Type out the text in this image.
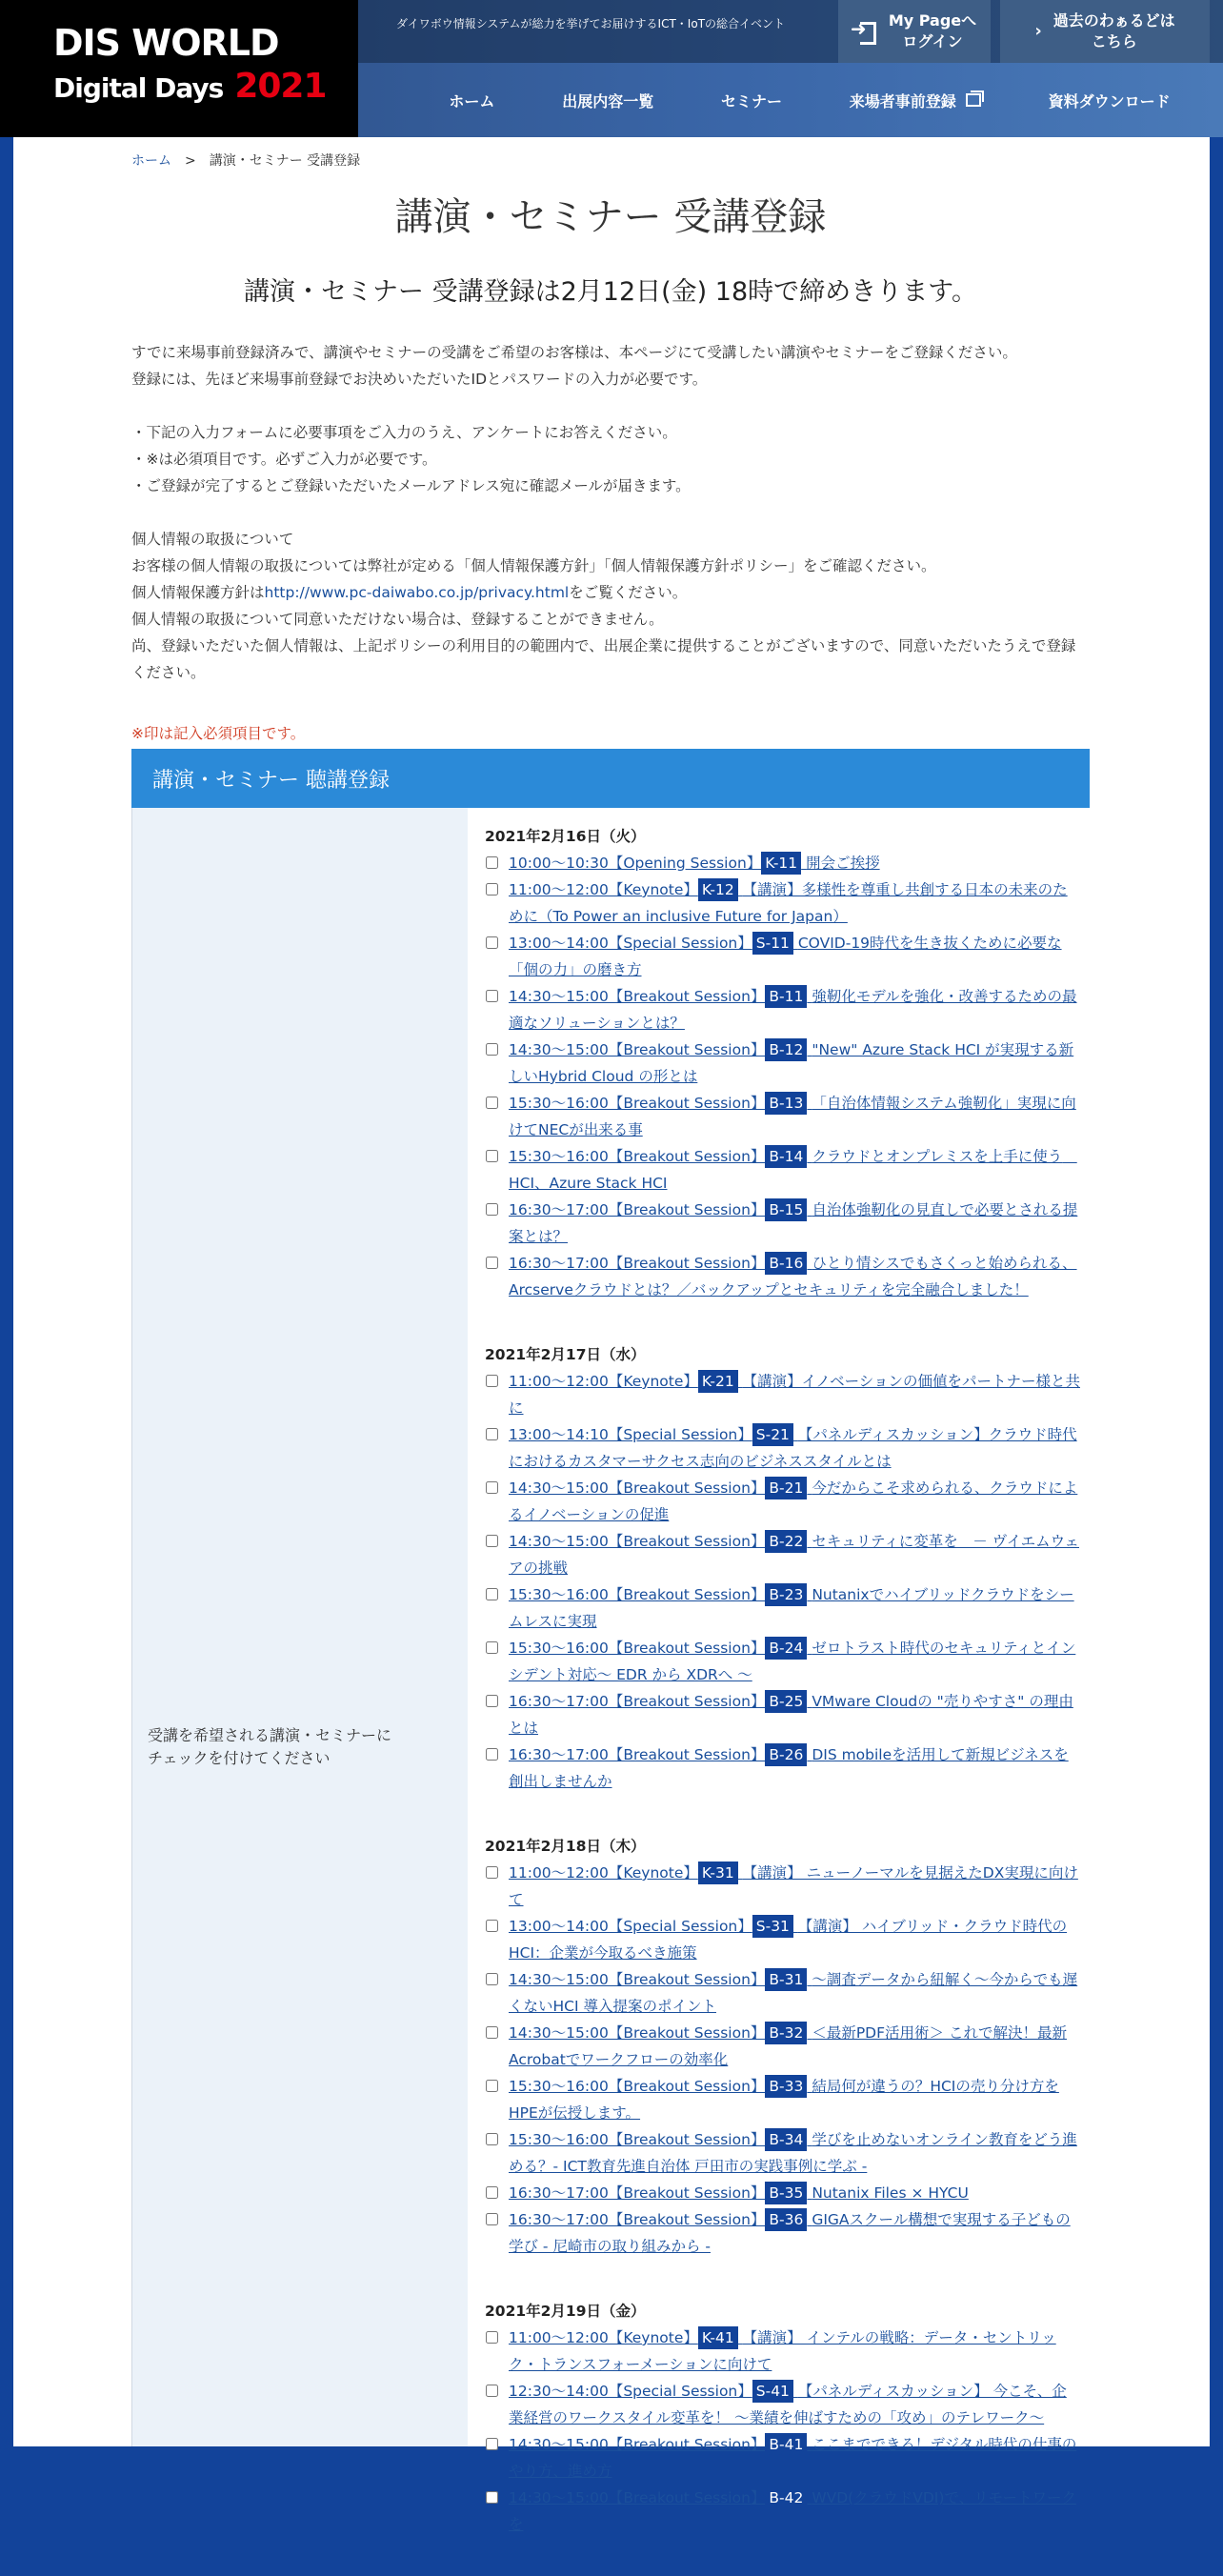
DIS WORLD
Digital Days 2021
ダイワボウ情報システムが総力を挙げてお届けするICT・IoTの総合イベント ➜	My Pageへ
ログイン
›
過去のわぁるどは
こちら
ホーム	出展内容一覧	セミナー	来場者事前登録	資料ダウンロード
ホーム > 講演・セミナー 受講登録
講演・セミナー 受講登録
講演・セミナー 受講登録は2月12日(金) 18時で締めきります。

すでに来場事前登録済みで、講演やセミナーの受講をご希望のお客様は、本ページにて受講したい講演やセミナーをご登録ください。

登録には、先ほど来場事前登録でお決めいただいたIDとパスワードの入力が必要です。

・下記の入力フォームに必要事項をご入力のうえ、アンケートにお答えください。

・※は必須項目です。必ずご入力が必要です。

・ご登録が完了するとご登録いただいたメールアドレス宛に確認メールが届きます。

個人情報の取扱について

お客様の個人情報の取扱については弊社が定める「個人情報保護方針」「個人情報保護方針ポリシー」をご確認ください。

個人情報保護方針はhttp://www.pc-daiwabo.co.jp/privacy.htmlをご覧ください。

個人情報の取扱について同意いただけない場合は、登録することができません。

尚、登録いただいた個人情報は、上記ポリシーの利用目的の範囲内で、出展企業に提供することがございますので、同意いただいたうえで登録ください。

※印は記入必須項目です。
講演・セミナー 聴講登録
受講を希望される講演・セミナーに
チェックを付けてください
2021年2月16日（火）
10:00〜10:30【Opening Session】 K-11 開会ご挨拶
11:00〜12:00【Keynote】 K-12 【講演】多様性を尊重し共創する日本の未来のために（To Power an inclusive Future for Japan）
13:00〜14:00【Special Session】 S-11 COVID-19時代を生き抜くために必要な「個の力」の磨き方
14:30〜15:00【Breakout Session】 B-11 強靭化モデルを強化・改善するための最適なソリューションとは？
14:30〜15:00【Breakout Session】 B-12 "New" Azure Stack HCI が実現する新しいHybrid Cloud の形とは
15:30〜16:00【Breakout Session】 B-13 「自治体情報システム強靭化」実現に向けてNECが出来る事
15:30〜16:00【Breakout Session】 B-14 クラウドとオンプレミスを上手に使う　HCI、Azure Stack HCI
16:30〜17:00【Breakout Session】 B-15 自治体強靭化の見直しで必要とされる提案とは？
16:30〜17:00【Breakout Session】 B-16 ひとり情シスでもさくっと始められる、Arcserveクラウドとは？／バックアップとセキュリティを完全融合しました！
2021年2月17日（水）
11:00〜12:00【Keynote】 K-21 【講演】イノベーションの価値をパートナー様と共に
13:00〜14:10【Special Session】 S-21 【パネルディスカッション】クラウド時代におけるカスタマーサクセス志向のビジネススタイルとは
14:30〜15:00【Breakout Session】 B-21 今だからこそ求められる、クラウドによるイノベーションの促進
14:30〜15:00【Breakout Session】 B-22 セキュリティに変革を　－ ヴイエムウェアの挑戦
15:30〜16:00【Breakout Session】 B-23 Nutanixでハイブリッドクラウドをシームレスに実現
15:30〜16:00【Breakout Session】 B-24 ゼロトラスト時代のセキュリティとインシデント対応～ EDR から XDRへ ～
16:30〜17:00【Breakout Session】 B-25 VMware Cloudの "売りやすさ" の理由とは
16:30〜17:00【Breakout Session】 B-26 DIS mobileを活用して新規ビジネスを創出しませんか
2021年2月18日（木）
11:00〜12:00【Keynote】 K-31 【講演】 ニューノーマルを見据えたDX実現に向けて
13:00〜14:00【Special Session】 S-31 【講演】 ハイブリッド・クラウド時代のHCI：企業が今取るべき施策
14:30〜15:00【Breakout Session】 B-31 ～調査データから紐解く～今からでも遅くないHCI 導入提案のポイント
14:30〜15:00【Breakout Session】 B-32 ＜最新PDF活用術＞ これで解決！最新Acrobatでワークフローの効率化
15:30〜16:00【Breakout Session】 B-33 結局何が違うの？HCIの売り分け方をHPEが伝授します。
15:30〜16:00【Breakout Session】 B-34 学びを止めないオンライン教育をどう進める？- ICT教育先進自治体 戸田市の実践事例に学ぶ -
16:30〜17:00【Breakout Session】 B-35 Nutanix Files × HYCU
16:30〜17:00【Breakout Session】 B-36 GIGAスクール構想で実現する子どもの学び - 尼崎市の取り組みから -
2021年2月19日（金）
11:00〜12:00【Keynote】 K-41 【講演】 インテルの戦略：データ・セントリック・トランスフォーメーションに向けて
12:30〜14:00【Special Session】 S-41 【パネルディスカッション】 今こそ、企業経営のワークスタイル変革を！ ～業績を伸ばすための「攻め」のテレワーク～
14:30〜15:00【Breakout Session】 B-41 ここまでできる！デジタル時代の仕事のやり方、進め方
14:30〜15:00【Breakout Session】 B-42 WVD(クラウドVDI)で、リモートワークを
